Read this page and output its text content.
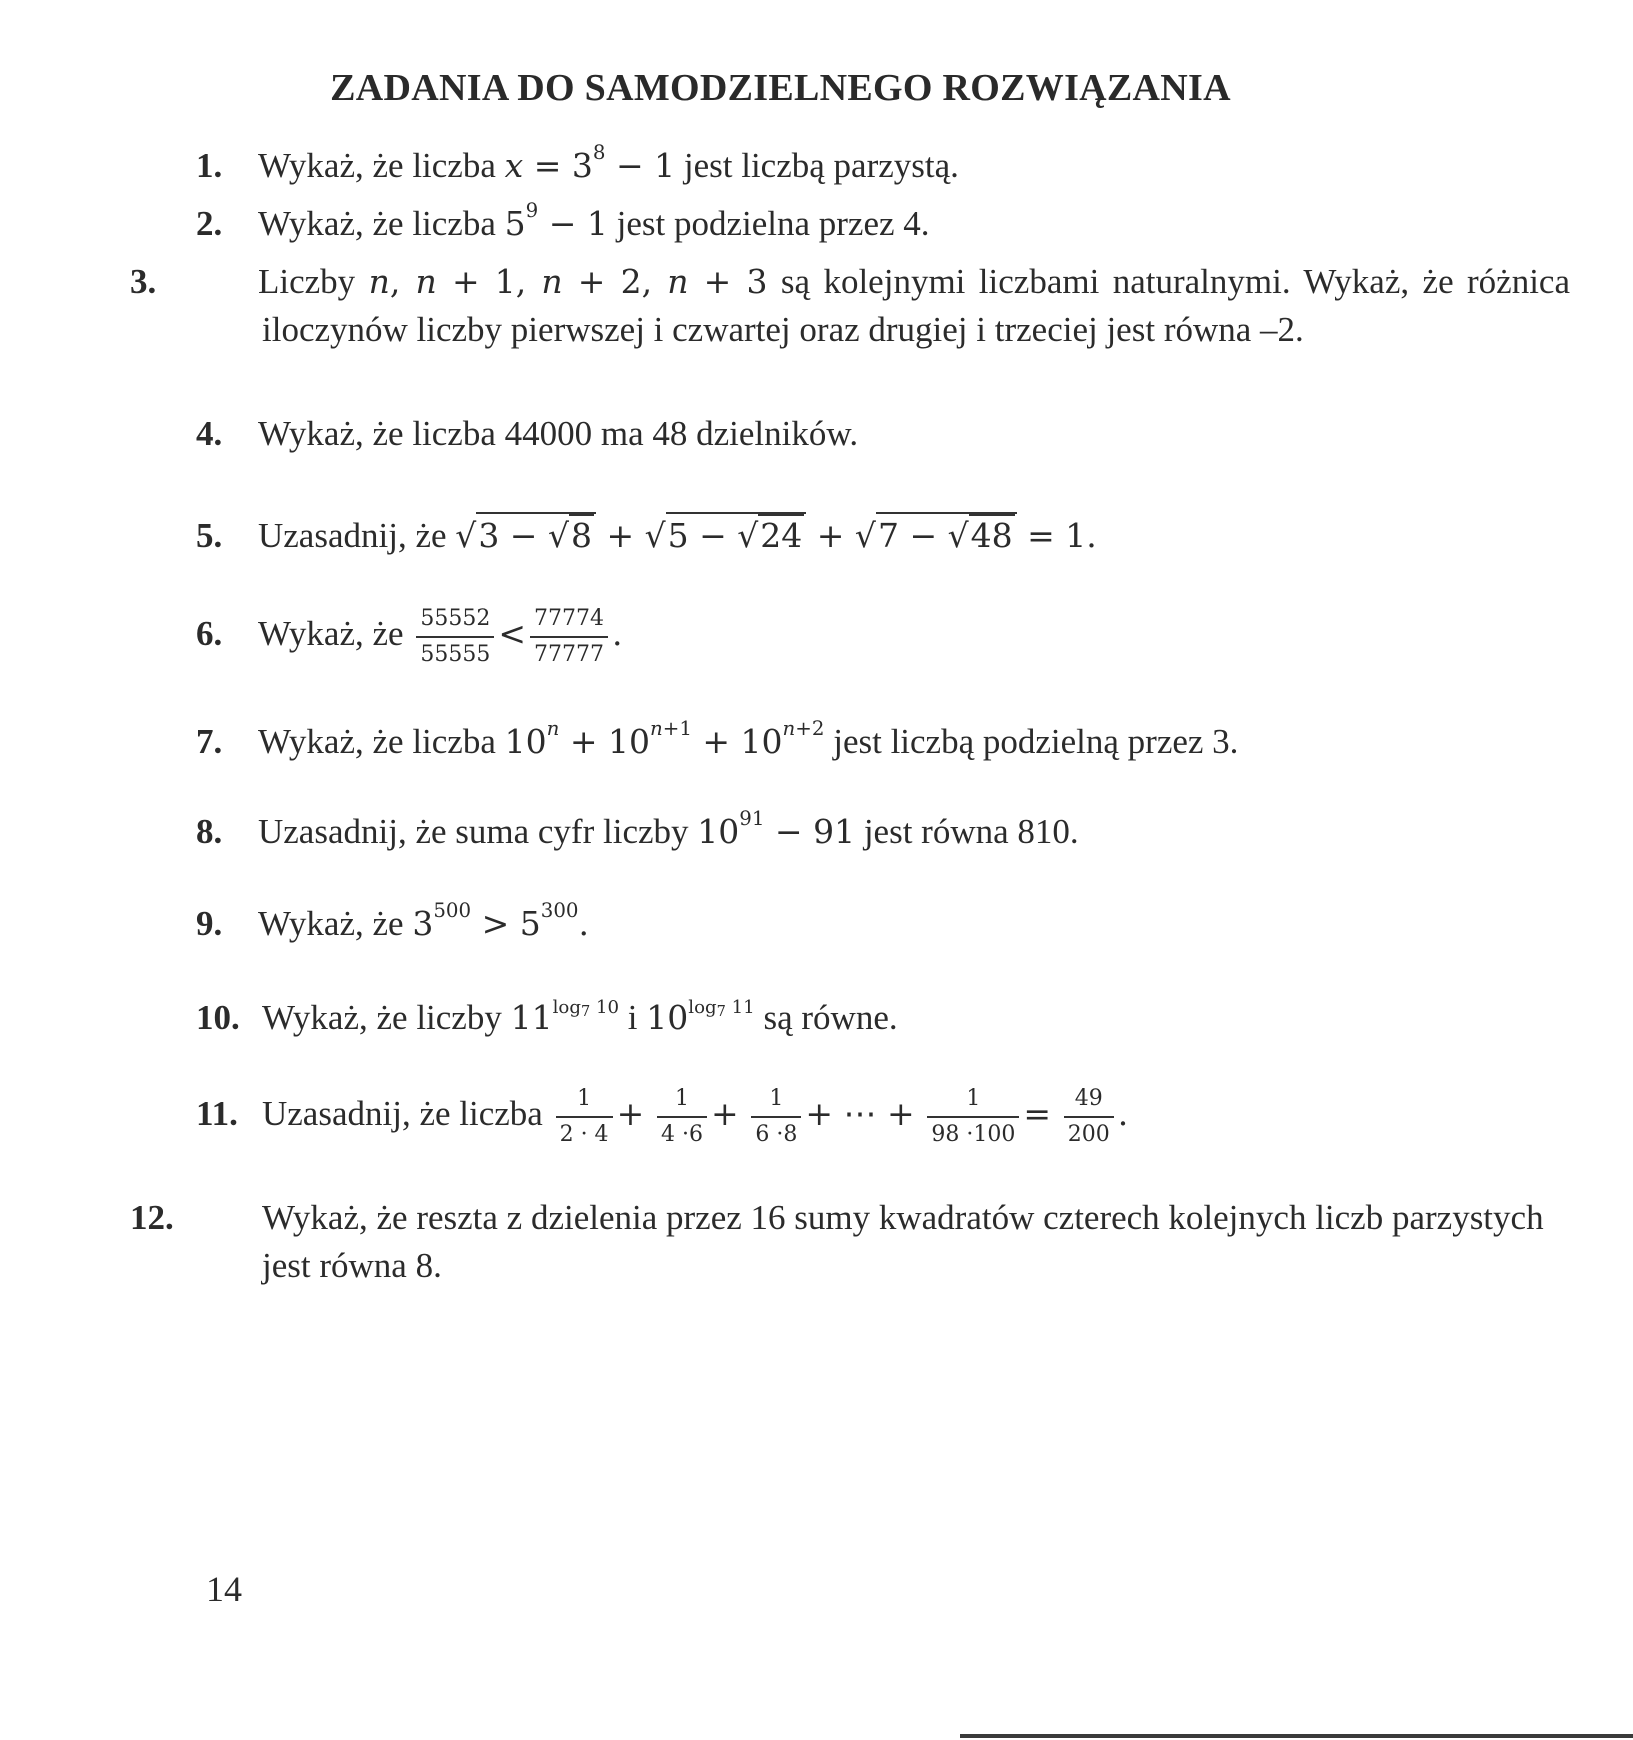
ZADANIA DO SAMODZIELNEGO ROZWIĄZANIA
1. Wykaż, że liczba $x = 3^8 - 1$ jest liczbą parzystą.
2. Wykaż, że liczba $5^9 - 1$ jest podzielna przez 4.
3.	Liczby n, n + 1, n + 2, n + 3 są kolejnymi liczbami naturalnymi. Wykaż, że różnica iloczynów liczby pierwszej i czwartej oraz drugiej i trzeciej jest równa –2.
4. Wykaż, że liczba 44000 ma 48 dzielników.
5. Uzasadnij, że √3 − √8 + √5 − √24 + √7 − √48 = 1.
6. Wykaż, że $\frac{55552}{55555} < \frac{77774}{77777}$ .
7. Wykaż, że liczba $10^n + 10^{n+1} + 10^{n+2}$ jest liczbą podzielną przez 3.
8. Uzasadnij, że suma cyfr liczby $10^{91} - 91$ jest równa 810.
9. Wykaż, że $3^{500} > 5^{300}$.
10. Wykaż, że liczby $11^{log_7 10}$ i $10^{log_7 11}$ są równe.
11. Uzasadnij, że liczba $\frac{1}{2 \cdot 4} + \frac{1}{4 \cdot 6} + \frac{1}{6 \cdot 8}$ + ⋯ + $\frac{1}{98 \cdot 100} = \frac{49}{200}$ .
12.	Wykaż, że reszta z dzielenia przez 16 sumy kwadratów czterech kolejnych liczb parzystych jest równa 8.
14
